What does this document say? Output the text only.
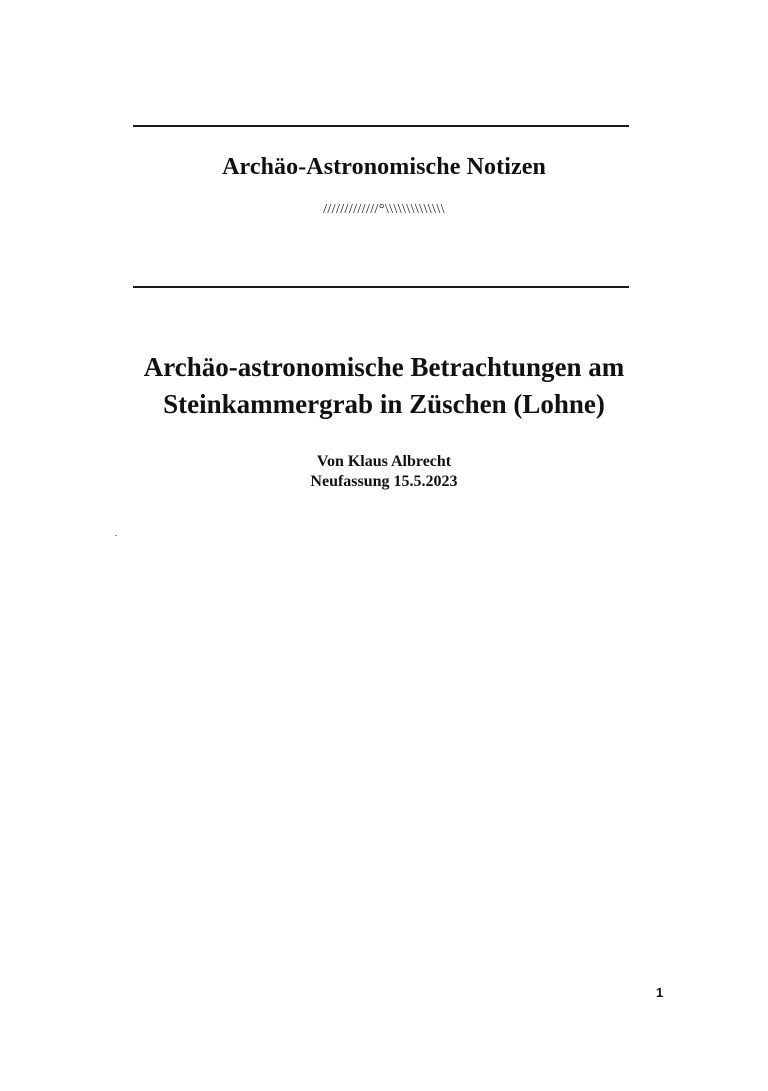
Archäo-Astronomische Notizen
/////////////°\\\\\\\\\\\\\\
Archäo-astronomische Betrachtungen am
Steinkammergrab in Züschen (Lohne)
Von Klaus Albrecht
Neufassung 15.5.2023
1
